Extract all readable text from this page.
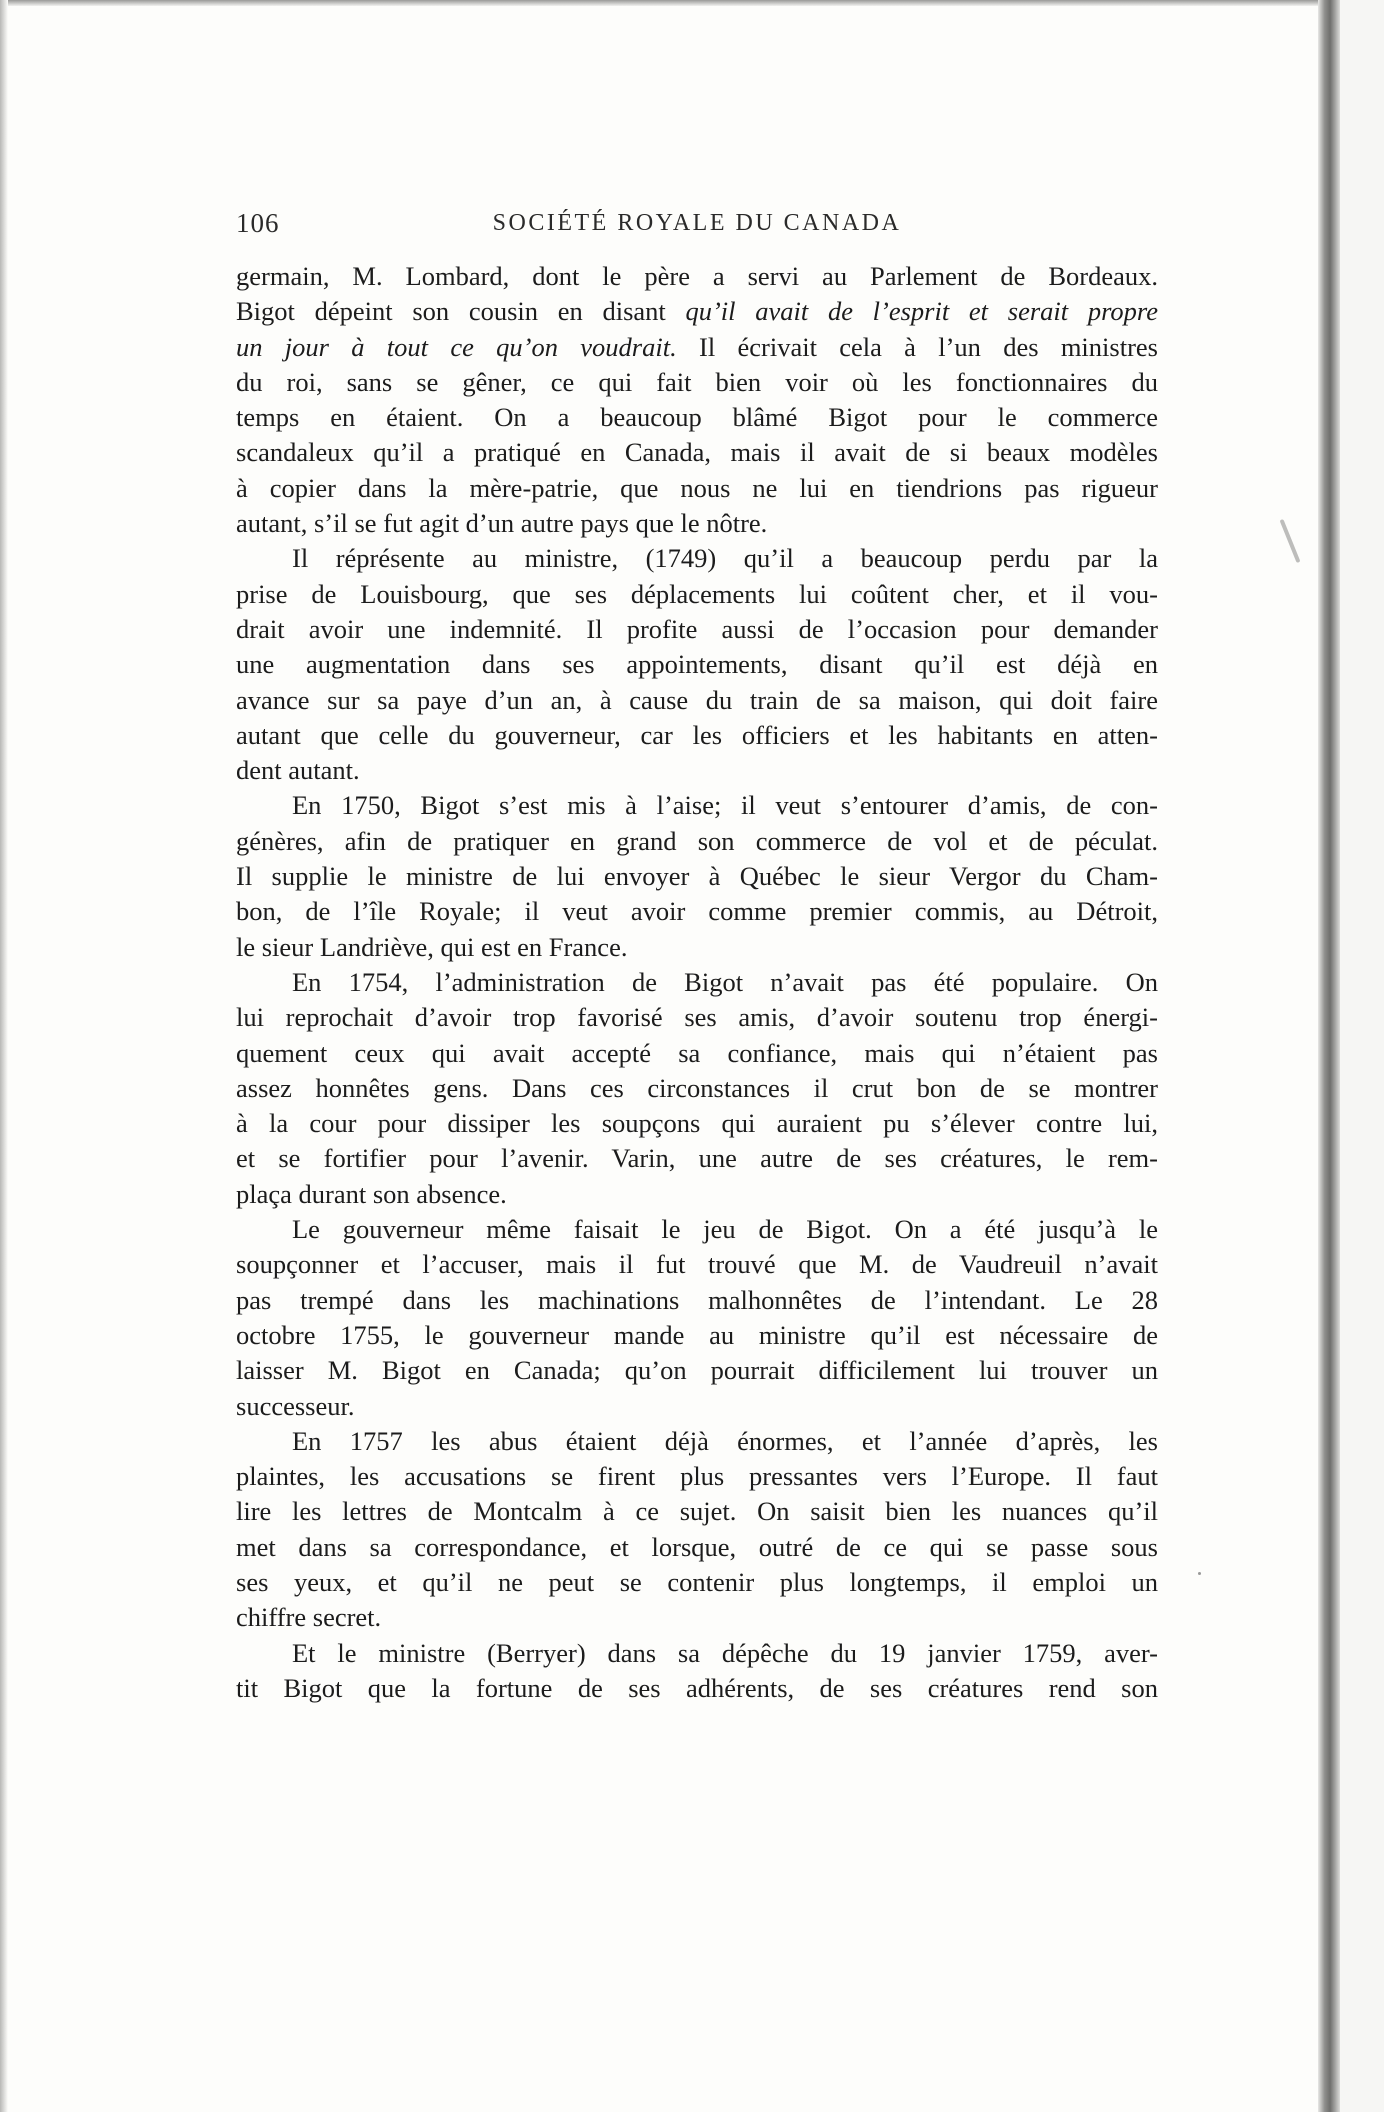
106	SOCIÉTÉ ROYALE DU CANADA

germain, M. Lombard, dont le père a servi au Parlement de Bordeaux.
Bigot dépeint son cousin en disant qu’il avait de l’esprit et serait propre
un jour à tout ce qu’on voudrait. Il écrivait cela à l’un des ministres
du roi, sans se gêner, ce qui fait bien voir où les fonctionnaires du
temps en étaient. On a beaucoup blâmé Bigot pour le commerce
scandaleux qu’il a pratiqué en Canada, mais il avait de si beaux modèles
à copier dans la mère-patrie, que nous ne lui en tiendrions pas rigueur
autant, s’il se fut agit d’un autre pays que le nôtre.

Il réprésente au ministre, (1749) qu’il a beaucoup perdu par la
prise de Louisbourg, que ses déplacements lui coûtent cher, et il vou-
drait avoir une indemnité. Il profite aussi de l’occasion pour demander
une augmentation dans ses appointements, disant qu’il est déjà en
avance sur sa paye d’un an, à cause du train de sa maison, qui doit faire
autant que celle du gouverneur, car les officiers et les habitants en atten-
dent autant.

En 1750, Bigot s’est mis à l’aise; il veut s’entourer d’amis, de con-
génères, afin de pratiquer en grand son commerce de vol et de péculat.
Il supplie le ministre de lui envoyer à Québec le sieur Vergor du Cham-
bon, de l’île Royale; il veut avoir comme premier commis, au Détroit,
le sieur Landriève, qui est en France.

En 1754, l’administration de Bigot n’avait pas été populaire. On
lui reprochait d’avoir trop favorisé ses amis, d’avoir soutenu trop énergi-
quement ceux qui avait accepté sa confiance, mais qui n’étaient pas
assez honnêtes gens. Dans ces circonstances il crut bon de se montrer
à la cour pour dissiper les soupçons qui auraient pu s’élever contre lui,
et se fortifier pour l’avenir. Varin, une autre de ses créatures, le rem-
plaça durant son absence.

Le gouverneur même faisait le jeu de Bigot. On a été jusqu’à le
soupçonner et l’accuser, mais il fut trouvé que M. de Vaudreuil n’avait
pas trempé dans les machinations malhonnêtes de l’intendant. Le 28
octobre 1755, le gouverneur mande au ministre qu’il est nécessaire de
laisser M. Bigot en Canada; qu’on pourrait difficilement lui trouver un
successeur.

En 1757 les abus étaient déjà énormes, et l’année d’après, les
plaintes, les accusations se firent plus pressantes vers l’Europe. Il faut
lire les lettres de Montcalm à ce sujet. On saisit bien les nuances qu’il
met dans sa correspondance, et lorsque, outré de ce qui se passe sous
ses yeux, et qu’il ne peut se contenir plus longtemps, il emploi un
chiffre secret.

Et le ministre (Berryer) dans sa dépêche du 19 janvier 1759, aver-
tit Bigot que la fortune de ses adhérents, de ses créatures rend son
